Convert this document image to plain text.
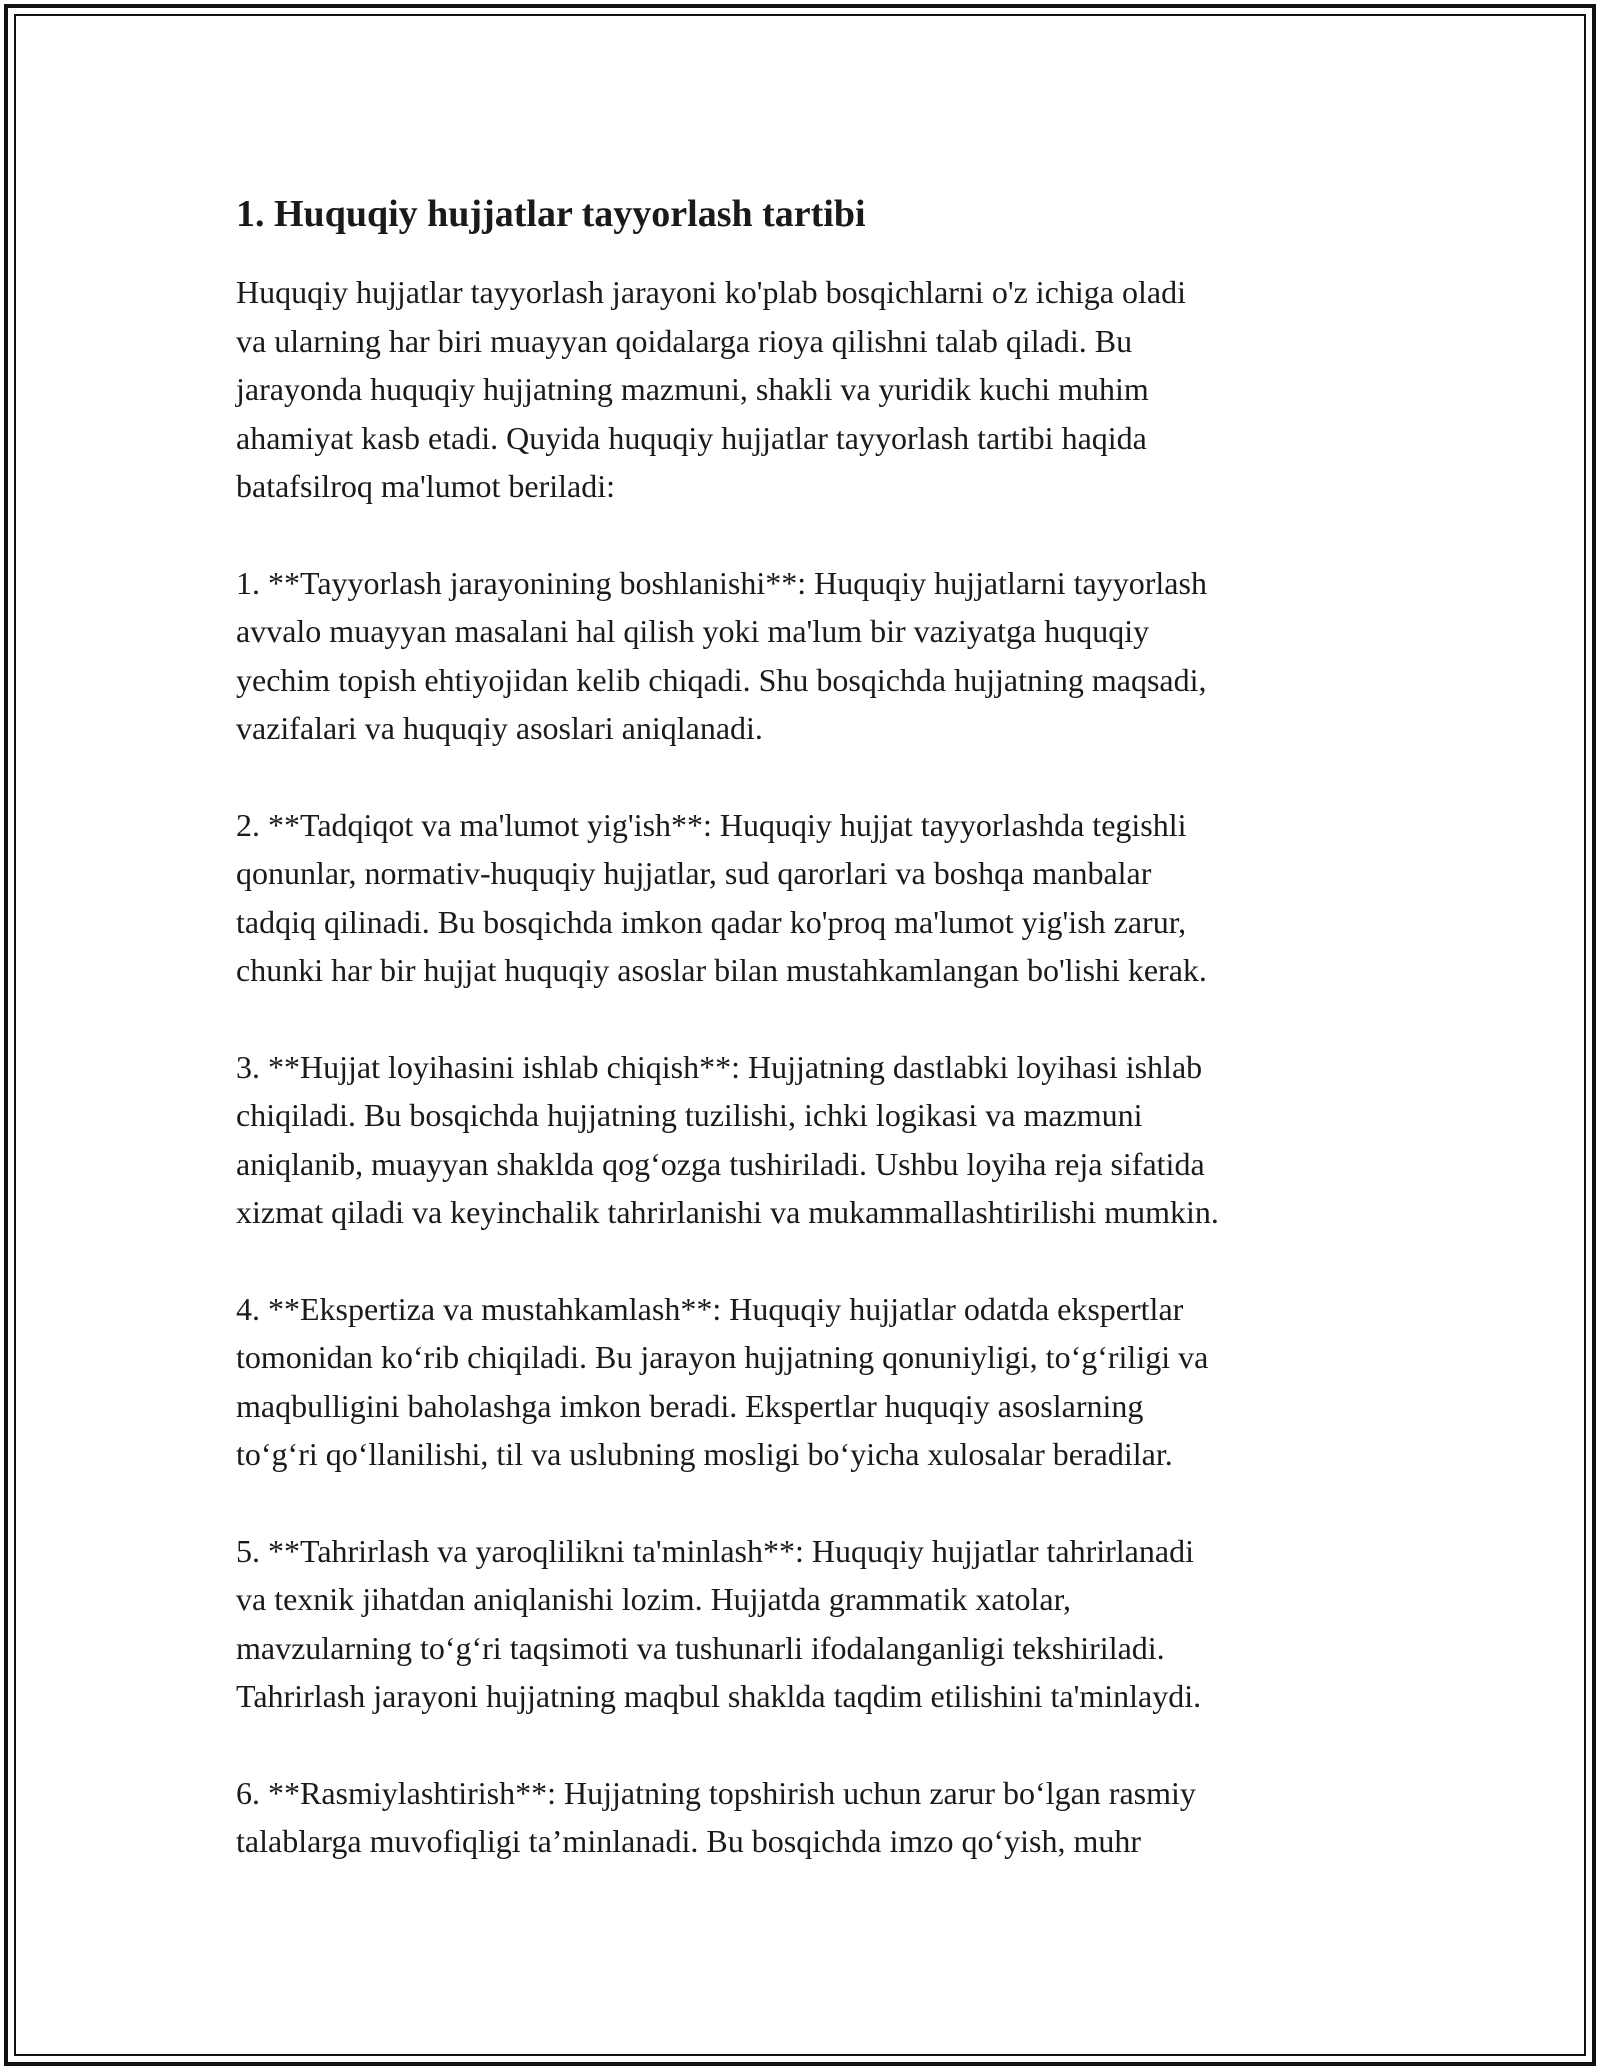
1. Huquqiy hujjatlar tayyorlash tartibi

Huquqiy hujjatlar tayyorlash jarayoni ko'plab bosqichlarni o'z ichiga oladi
va ularning har biri muayyan qoidalarga rioya qilishni talab qiladi. Bu
jarayonda huquqiy hujjatning mazmuni, shakli va yuridik kuchi muhim
ahamiyat kasb etadi. Quyida huquqiy hujjatlar tayyorlash tartibi haqida
batafsilroq ma'lumot beriladi:

1. **Tayyorlash jarayonining boshlanishi**: Huquqiy hujjatlarni tayyorlash
avvalo muayyan masalani hal qilish yoki ma'lum bir vaziyatga huquqiy
yechim topish ehtiyojidan kelib chiqadi. Shu bosqichda hujjatning maqsadi,
vazifalari va huquqiy asoslari aniqlanadi.

2. **Tadqiqot va ma'lumot yig'ish**: Huquqiy hujjat tayyorlashda tegishli
qonunlar, normativ-huquqiy hujjatlar, sud qarorlari va boshqa manbalar
tadqiq qilinadi. Bu bosqichda imkon qadar ko'proq ma'lumot yig'ish zarur,
chunki har bir hujjat huquqiy asoslar bilan mustahkamlangan bo'lishi kerak.

3. **Hujjat loyihasini ishlab chiqish**: Hujjatning dastlabki loyihasi ishlab
chiqiladi. Bu bosqichda hujjatning tuzilishi, ichki logikasi va mazmuni
aniqlanib, muayyan shaklda qog‘ozga tushiriladi. Ushbu loyiha reja sifatida
xizmat qiladi va keyinchalik tahrirlanishi va mukammallashtirilishi mumkin.

4. **Ekspertiza va mustahkamlash**: Huquqiy hujjatlar odatda ekspertlar
tomonidan ko‘rib chiqiladi. Bu jarayon hujjatning qonuniyligi, to‘g‘riligi va
maqbulligini baholashga imkon beradi. Ekspertlar huquqiy asoslarning
to‘g‘ri qo‘llanilishi, til va uslubning mosligi bo‘yicha xulosalar beradilar.

5. **Tahrirlash va yaroqlilikni ta'minlash**: Huquqiy hujjatlar tahrirlanadi
va texnik jihatdan aniqlanishi lozim. Hujjatda grammatik xatolar,
mavzularning to‘g‘ri taqsimoti va tushunarli ifodalanganligi tekshiriladi.
Tahrirlash jarayoni hujjatning maqbul shaklda taqdim etilishini ta'minlaydi.

6. **Rasmiylashtirish**: Hujjatning topshirish uchun zarur bo‘lgan rasmiy
talablarga muvofiqligi ta’minlanadi. Bu bosqichda imzo qo‘yish, muhr
